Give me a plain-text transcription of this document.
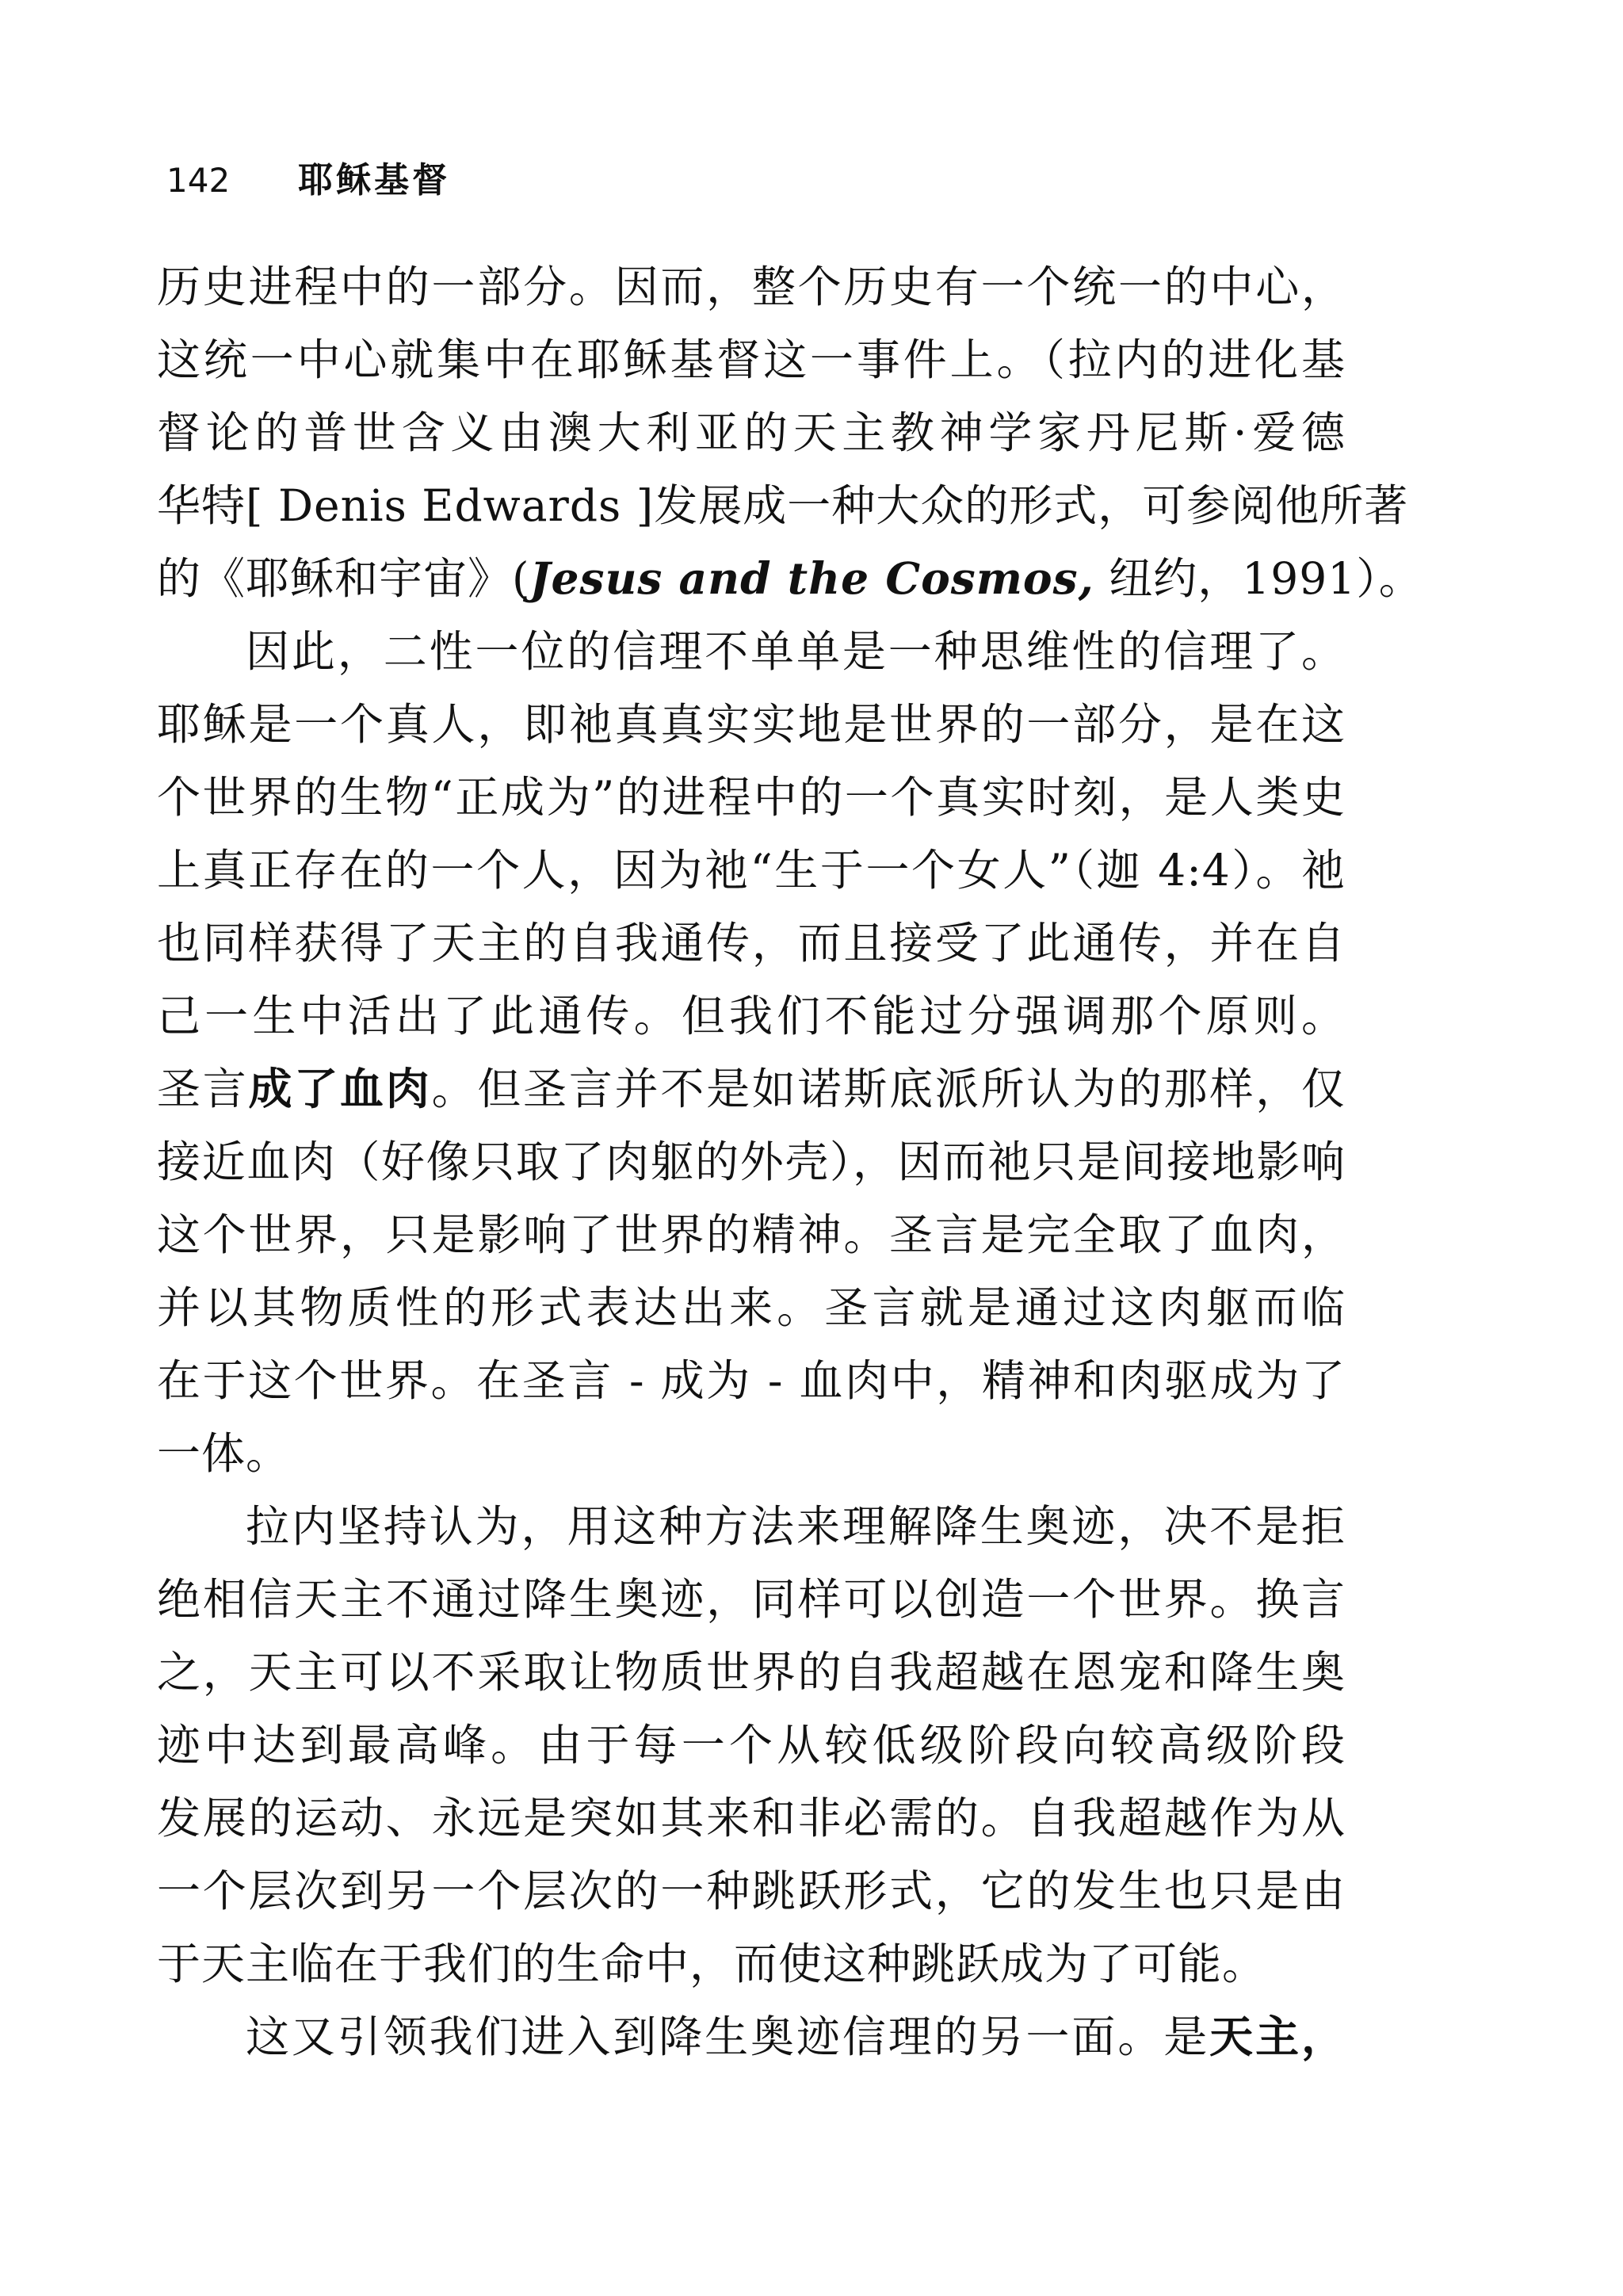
142 耶稣基督
历史进程中的一部分。因而，整个历史有一个统一的中心，
这统一中心就集中在耶稣基督这一事件上。（拉内的进化基
督论的普世含义由澳大利亚的天主教神学家丹尼斯·爱德
华特[ Denis Edwards ]发展成一种大众的形式，可参阅他所著
的《耶稣和宇宙》(Jesus and the Cosmos, 纽约，1991）。
因此，二性一位的信理不单单是一种思维性的信理了。
耶稣是一个真人，即祂真真实实地是世界的一部分，是在这
个世界的生物“正成为”的进程中的一个真实时刻，是人类史
上真正存在的一个人，因为祂“生于一个女人”（迦 4:4）。祂
也同样获得了天主的自我通传，而且接受了此通传，并在自
己一生中活出了此通传。但我们不能过分强调那个原则。
圣言成了血肉。但圣言并不是如诺斯底派所认为的那样，仅
接近血肉（好像只取了肉躯的外壳），因而祂只是间接地影响
这个世界，只是影响了世界的精神。圣言是完全取了血肉，
并以其物质性的形式表达出来。圣言就是通过这肉躯而临
在于这个世界。在圣言 - 成为 - 血肉中，精神和肉驱成为了
一体。
拉内坚持认为，用这种方法来理解降生奥迹，决不是拒
绝相信天主不通过降生奥迹，同样可以创造一个世界。换言
之，天主可以不采取让物质世界的自我超越在恩宠和降生奥
迹中达到最高峰。由于每一个从较低级阶段向较高级阶段
发展的运动、永远是突如其来和非必需的。自我超越作为从
一个层次到另一个层次的一种跳跃形式，它的发生也只是由
于天主临在于我们的生命中，而使这种跳跃成为了可能。
这又引领我们进入到降生奥迹信理的另一面。是天主，
